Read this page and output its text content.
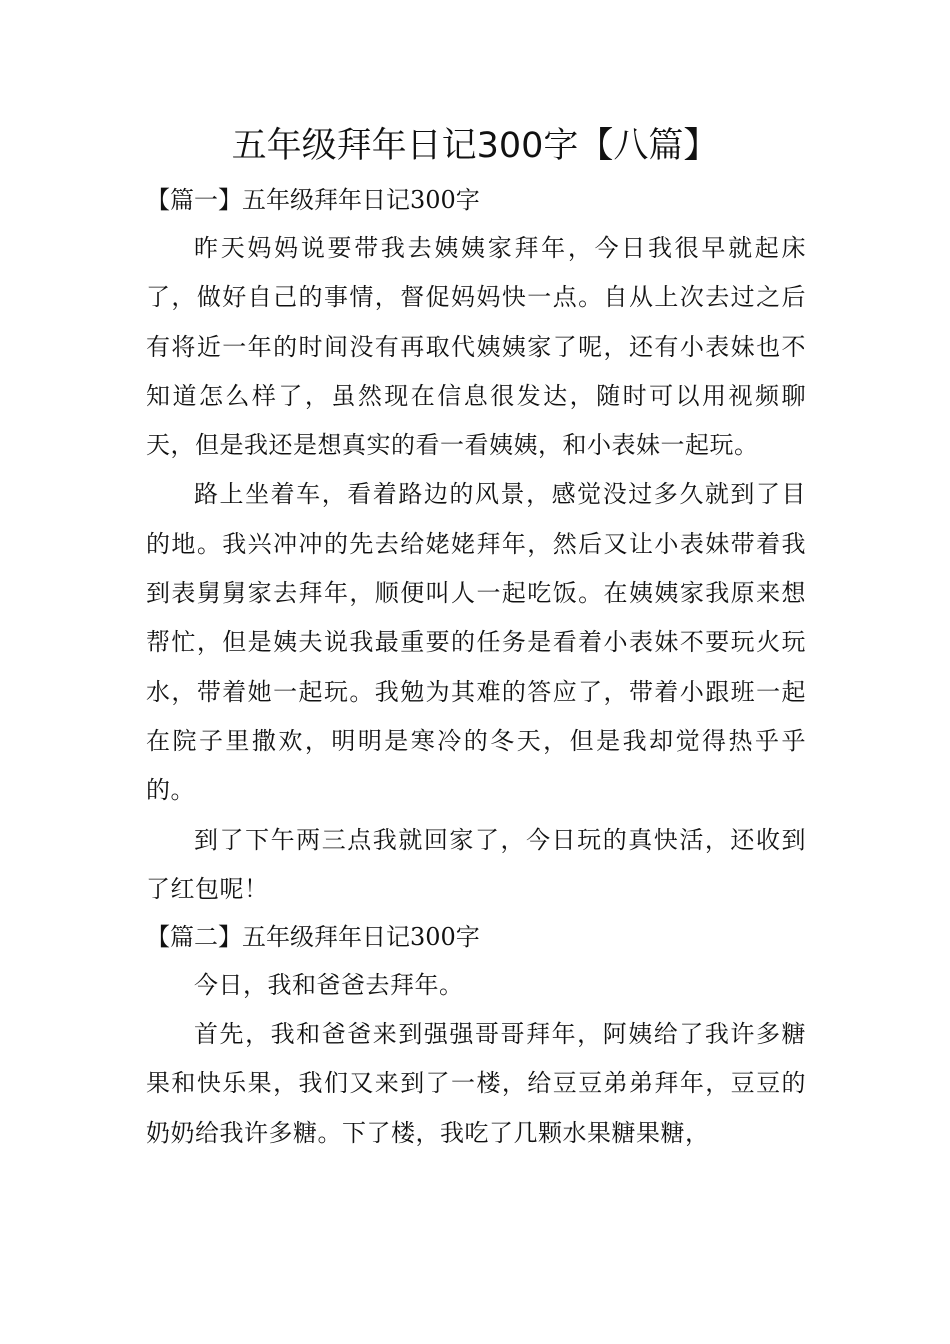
五年级拜年日记300字【八篇】

【篇一】五年级拜年日记300字

昨天妈妈说要带我去姨姨家拜年，今日我很早就起床了，做好自己的事情，督促妈妈快一点。自从上次去过之后有将近一年的时间没有再取代姨姨家了呢，还有小表妹也不知道怎么样了，虽然现在信息很发达，随时可以用视频聊天，但是我还是想真实的看一看姨姨，和小表妹一起玩。

路上坐着车，看着路边的风景，感觉没过多久就到了目的地。我兴冲冲的先去给姥姥拜年，然后又让小表妹带着我到表舅舅家去拜年，顺便叫人一起吃饭。在姨姨家我原来想帮忙，但是姨夫说我最重要的任务是看着小表妹不要玩火玩水，带着她一起玩。我勉为其难的答应了，带着小跟班一起在院子里撒欢，明明是寒冷的冬天，但是我却觉得热乎乎的。

到了下午两三点我就回家了，今日玩的真快活，还收到了红包呢！

【篇二】五年级拜年日记300字

今日，我和爸爸去拜年。

首先，我和爸爸来到强强哥哥拜年，阿姨给了我许多糖果和快乐果，我们又来到了一楼，给豆豆弟弟拜年，豆豆的奶奶给我许多糖。下了楼，我吃了几颗水果糖果糖，
